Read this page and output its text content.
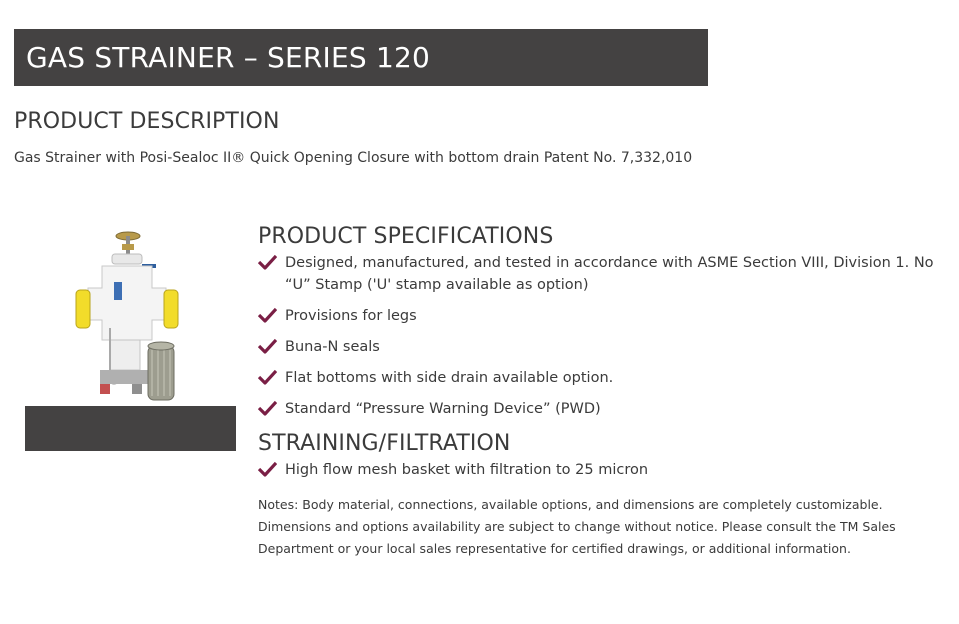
GAS STRAINER – SERIES 120
PRODUCT DESCRIPTION

Gas Strainer with Posi-Sealoc II® Quick Opening Closure with bottom drain Patent No. 7,332,010

PRODUCT SPECIFICATIONS
Designed, manufactured, and tested in accordance with ASME Section VIII, Division 1. No “U” Stamp ('U' stamp available as option)
Provisions for legs
Buna-N seals
Flat bottoms with side drain available option.
Standard “Pressure Warning Device” (PWD)
STRAINING/FILTRATION
High flow mesh basket with filtration to 25 micron

Notes: Body material, connections, available options, and dimensions are completely customizable. Dimensions and options availability are subject to change without notice. Please consult the TM Sales Department or your local sales representative for certified drawings, or additional information.
